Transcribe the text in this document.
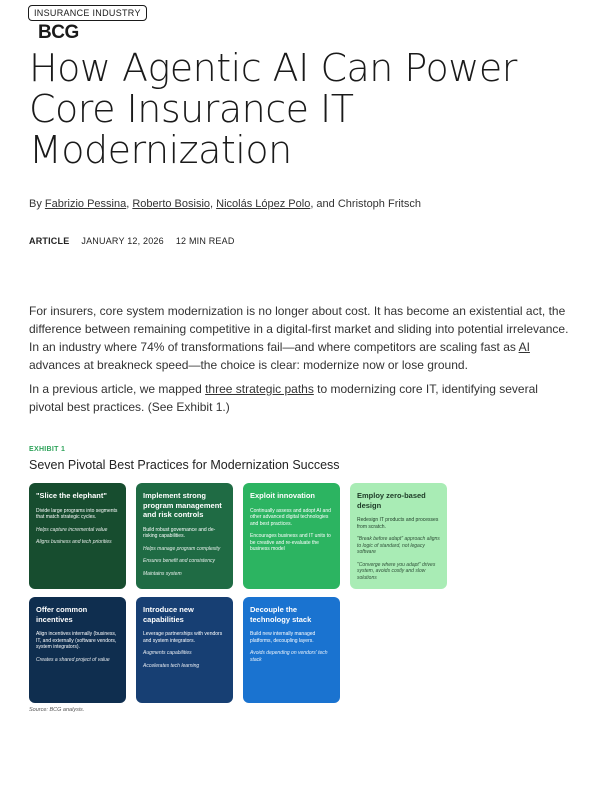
BCG
INSURANCE INDUSTRY
How Agentic AI Can Power Core Insurance IT Modernization
By Fabrizio Pessina, Roberto Bosisio, Nicolás López Polo, and Christoph Fritsch
ARTICLE JANUARY 12, 2026 12 MIN READ

For insurers, core system modernization is no longer about cost. It has become an existential act, the difference between remaining competitive in a digital-first market and sliding into potential irrelevance. In an industry where 74% of transformations fail—and where competitors are scaling fast as AI advances at breakneck speed—the choice is clear: modernize now or lose ground.

In a previous article, we mapped three strategic paths to modernizing core IT, identifying several pivotal best practices. (See Exhibit 1.)

EXHIBIT 1
Seven Pivotal Best Practices for Modernization Success
"Slice the elephant"

Divide large programs into segments that match strategic cycles.

Helps capture incremental value

Aligns business and tech priorities

Implement strong program management and risk controls

Build robust governance and de-risking capabilities.

Helps manage program complexity

Ensures benefit and consistency

Maintains system

Exploit innovation

Continually assess and adopt AI and other advanced digital technologies and best practices.

Encourages business and IT units to be creative and re-evaluate the business model

Employ zero-based design

Redesign IT products and processes from scratch.

"Break before adapt" approach aligns to logic of standard, not legacy software

"Converge where you adapt" drives system, avoids costly and slow solutions

Offer common incentives

Align incentives internally (business, IT, and externally (software vendors, system integrators).

Creates a shared project of value

Introduce new capabilities

Leverage partnerships with vendors and system integrators.

Augments capabilities

Accelerates tech learning

Decouple the technology stack

Build new internally managed platforms, decoupling layers.

Avoids depending on vendors' tech stack

Source: BCG analysis.
